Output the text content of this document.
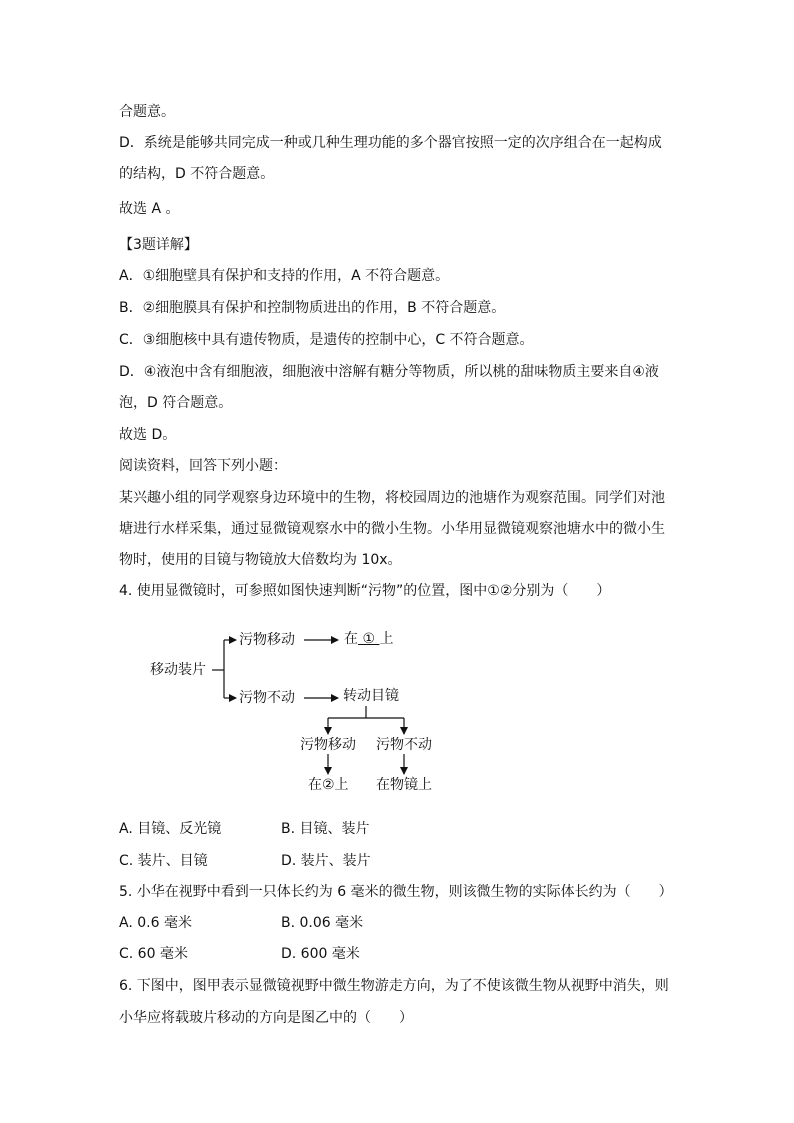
合题意。
D．系统是能够共同完成一种或几种生理功能的多个器官按照一定的次序组合在一起构成
的结构，D 不符合题意。
故选 A 。
【3题详解】
A．①细胞壁具有保护和支持的作用，A 不符合题意。
B．②细胞膜具有保护和控制物质进出的作用，B 不符合题意。
C．③细胞核中具有遗传物质，是遗传的控制中心，C 不符合题意。
D．④液泡中含有细胞液，细胞液中溶解有糖分等物质，所以桃的甜味物质主要来自④液
泡，D 符合题意。
故选 D。
阅读资料，回答下列小题：
某兴趣小组的同学观察身边环境中的生物，将校园周边的池塘作为观察范围。同学们对池
塘进行水样采集，通过显微镜观察水中的微小生物。小华用显微镜观察池塘水中的微小生
物时，使用的目镜与物镜放大倍数均为 10x。
4. 使用显微镜时，可参照如图快速判断“污物”的位置，图中①②分别为（　　）
移动装片
污物移动	在 ① 上
污物不动	转动目镜
污物移动 污物不动
在②上 在物镜上
A. 目镜、反光镜	B. 目镜、装片
C. 装片、目镜	D. 装片、装片
5. 小华在视野中看到一只体长约为 6 毫米的微生物，则该微生物的实际体长约为（　　）
A. 0.6 毫米	B. 0.06 毫米
C. 60 毫米	D. 600 毫米
6. 下图中，图甲表示显微镜视野中微生物游走方向，为了不使该微生物从视野中消失，则
小华应将载玻片移动的方向是图乙中的（　　）
